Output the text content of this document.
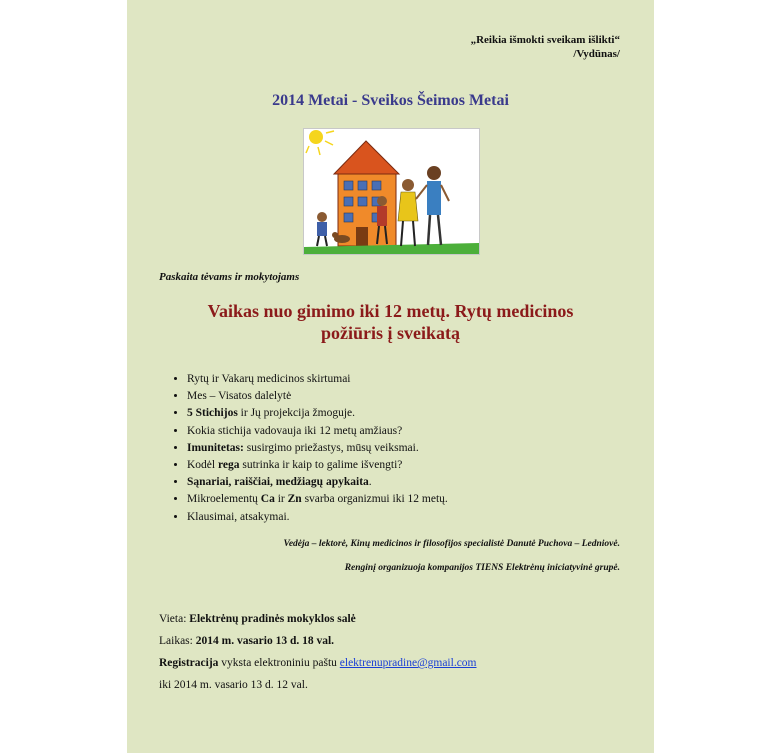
„Reikia išmokti sveikam išlikti“
/Vydūnas/
2014 Metai - Sveikos Šeimos Metai
Paskaita tėvams ir mokytojams
Vaikas nuo gimimo iki 12 metų. Rytų medicinos
požiūris į sveikatą
• Rytų ir Vakarų medicinos skirtumai
• Mes – Visatos dalelytė
• 5 Stichijos ir Jų projekcija žmoguje.
• Kokia stichija vadovauja iki 12 metų amžiaus?
• Imunitetas: susirgimo priežastys, mūsų veiksmai.
• Kodėl rega sutrinka ir kaip to galime išvengti?
• Sąnariai, raiščiai, medžiagų apykaita.
• Mikroelementų Ca ir Zn svarba organizmui iki 12 metų.
• Klausimai, atsakymai.
Vedėja – lektorė, Kinų medicinos ir filosofijos specialistė Danutė Puchova – Ledniovė.
Renginį organizuoja kompanijos TIENS Elektrėnų iniciatyvinė grupė.
Vieta: Elektrėnų pradinės mokyklos salė
Laikas: 2014 m. vasario 13 d. 18 val.
Registracija vyksta elektroniniu paštu elektrenupradine@gmail.com
iki 2014 m. vasario 13 d. 12 val.
